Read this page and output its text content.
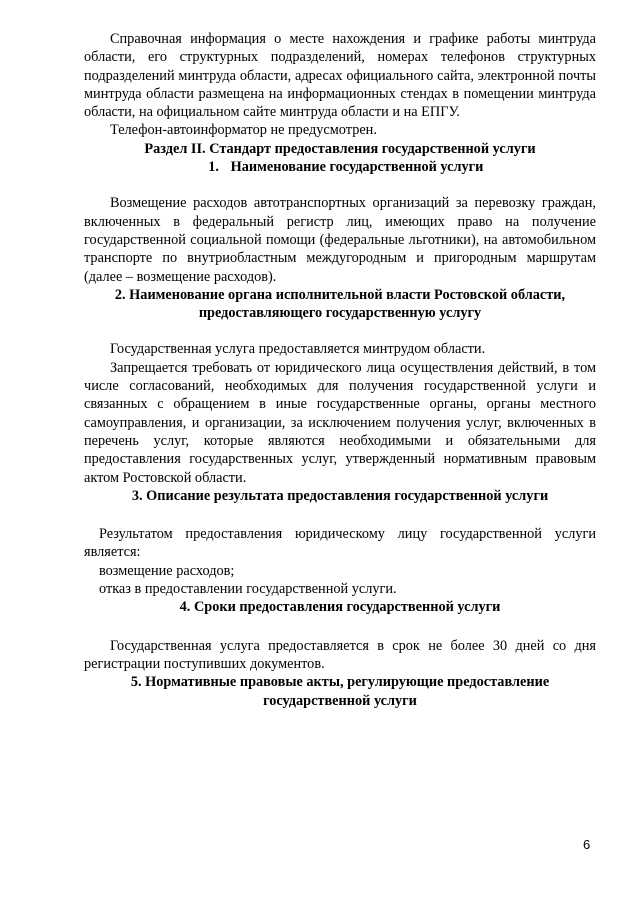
Справочная информация о месте нахождения и графике работы минтруда области, его структурных подразделений, номерах телефонов структурных подразделений минтруда области, адресах официального сайта, электронной почты минтруда области размещена на информационных стендах в помещении минтруда области, на официальном сайте минтруда области и на ЕПГУ.

Телефон-автоинформатор не предусмотрен.

Раздел II. Стандарт предоставления государственной услуги

1. Наименование государственной услуги

Возмещение расходов автотранспортных организаций за перевозку граждан, включенных в федеральный регистр лиц, имеющих право на получение государственной социальной помощи (федеральные льготники), на автомобильном транспорте по внутриобластным междугородным и пригородным маршрутам (далее – возмещение расходов).

2. Наименование органа исполнительной власти Ростовской области,
предоставляющего государственную услугу

Государственная услуга предоставляется минтрудом области.

Запрещается требовать от юридического лица осуществления действий, в том числе согласований, необходимых для получения государственной услуги и связанных с обращением в иные государственные органы, органы местного самоуправления, и организации, за исключением получения услуг, включенных в перечень услуг, которые являются необходимыми и обязательными для предоставления государственных услуг, утвержденный нормативным правовым актом Ростовской области.

3. Описание результата предоставления государственной услуги

Результатом предоставления юридическому лицу государственной услуги является:

возмещение расходов;

отказ в предоставлении государственной услуги.

4. Сроки предоставления государственной услуги

Государственная услуга предоставляется в срок не более 30 дней со дня регистрации поступивших документов.

5. Нормативные правовые акты, регулирующие предоставление
государственной услуги

6
